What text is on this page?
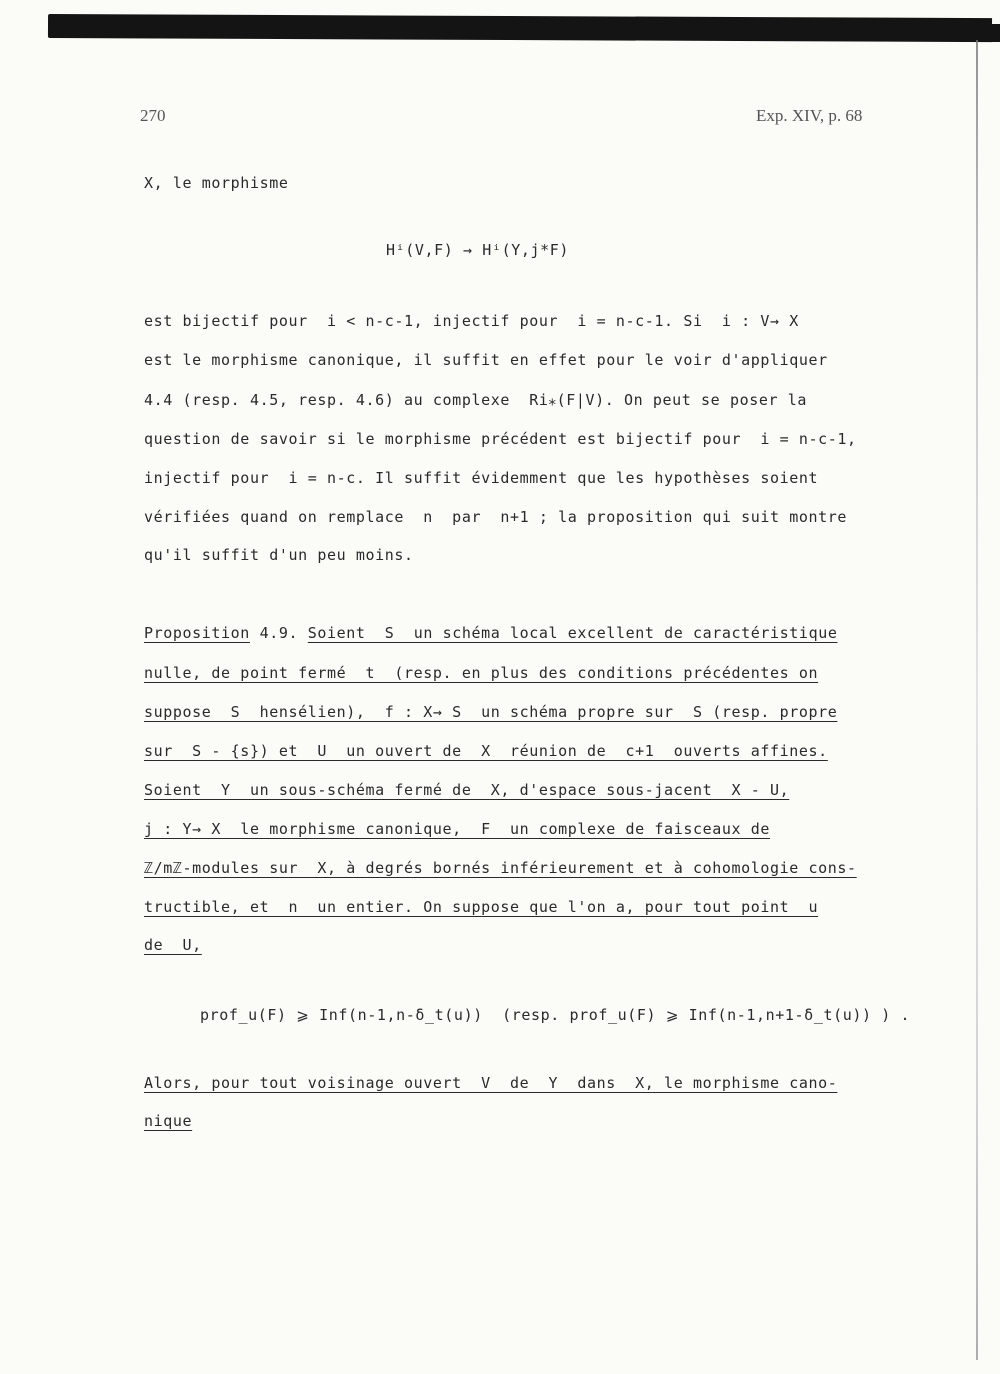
270	Exp. XIV, p. 68
X, le morphisme
Hⁱ(V,F) → Hⁱ(Y,j*F)
est bijectif pour  i < n-c-1, injectif pour  i = n-c-1. Si  i : V→ X
est le morphisme canonique, il suffit en effet pour le voir d'appliquer
4.4 (resp. 4.5, resp. 4.6) au complexe  Ri⁎(F|V). On peut se poser la
question de savoir si le morphisme précédent est bijectif pour  i = n-c-1,
injectif pour  i = n-c. Il suffit évidemment que les hypothèses soient
vérifiées quand on remplace  n  par  n+1 ; la proposition qui suit montre
qu'il suffit d'un peu moins.
Proposition 4.9. Soient  S  un schéma local excellent de caractéristique
nulle, de point fermé  t  (resp. en plus des conditions précédentes on
suppose  S  hensélien),  f : X→ S  un schéma propre sur  S (resp. propre
sur  S - {s}) et  U  un ouvert de  X  réunion de  c+1  ouverts affines.
Soient  Y  un sous-schéma fermé de  X, d'espace sous-jacent  X - U,
j : Y→ X  le morphisme canonique,  F  un complexe de faisceaux de
ℤ/mℤ-modules sur  X, à degrés bornés inférieurement et à cohomologie cons-
tructible, et  n  un entier. On suppose que l'on a, pour tout point  u
de  U,
prof_u(F) ⩾ Inf(n-1,n-δ_t(u))  (resp. prof_u(F) ⩾ Inf(n-1,n+1-δ_t(u)) ) .
Alors, pour tout voisinage ouvert  V  de  Y  dans  X, le morphisme cano-
nique
